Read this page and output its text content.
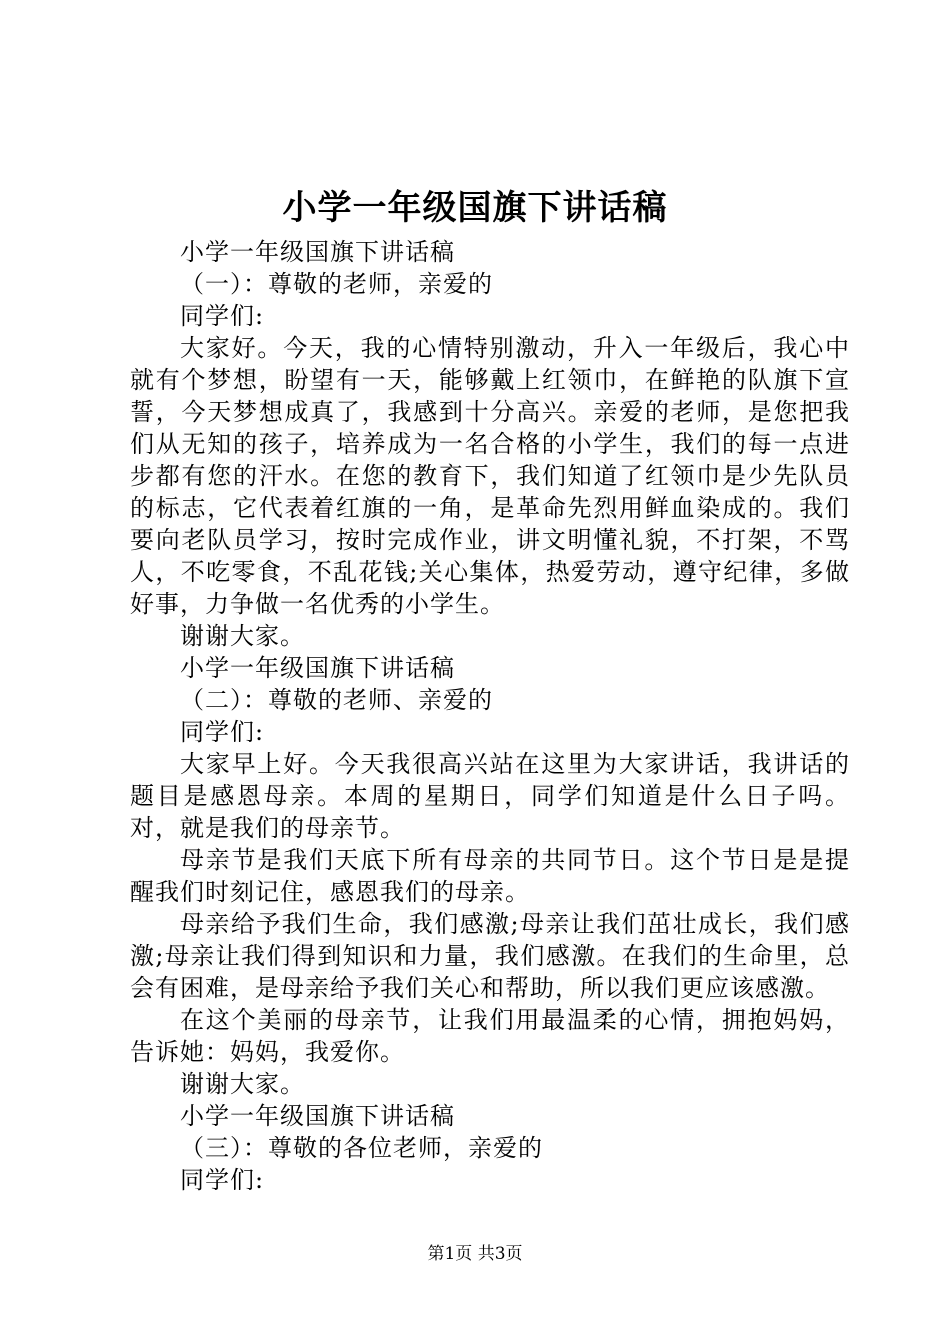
小学一年级国旗下讲话稿
小学一年级国旗下讲话稿
（一）：尊敬的老师，亲爱的
同学们:
大家好。今天，我的心情特别激动，升入一年级后，我心中就有个梦想，盼望有一天，能够戴上红领巾，在鲜艳的队旗下宣誓，今天梦想成真了，我感到十分高兴。亲爱的老师，是您把我们从无知的孩子，培养成为一名合格的小学生，我们的每一点进步都有您的汗水。在您的教育下，我们知道了红领巾是少先队员的标志，它代表着红旗的一角，是革命先烈用鲜血染成的。我们要向老队员学习，按时完成作业，讲文明懂礼貌，不打架，不骂人，不吃零食，不乱花钱;关心集体，热爱劳动，遵守纪律，多做好事，力争做一名优秀的小学生。
谢谢大家。
小学一年级国旗下讲话稿
（二）：尊敬的老师、亲爱的
同学们:
大家早上好。今天我很高兴站在这里为大家讲话，我讲话的题目是感恩母亲。本周的星期日，同学们知道是什么日子吗。对，就是我们的母亲节。
母亲节是我们天底下所有母亲的共同节日。这个节日是是提醒我们时刻记住，感恩我们的母亲。
母亲给予我们生命，我们感激;母亲让我们茁壮成长，我们感激;母亲让我们得到知识和力量，我们感激。在我们的生命里，总会有困难，是母亲给予我们关心和帮助，所以我们更应该感激。
在这个美丽的母亲节，让我们用最温柔的心情，拥抱妈妈，告诉她：妈妈，我爱你。
谢谢大家。
小学一年级国旗下讲话稿
（三）：尊敬的各位老师，亲爱的
同学们:
第1页 共3页
